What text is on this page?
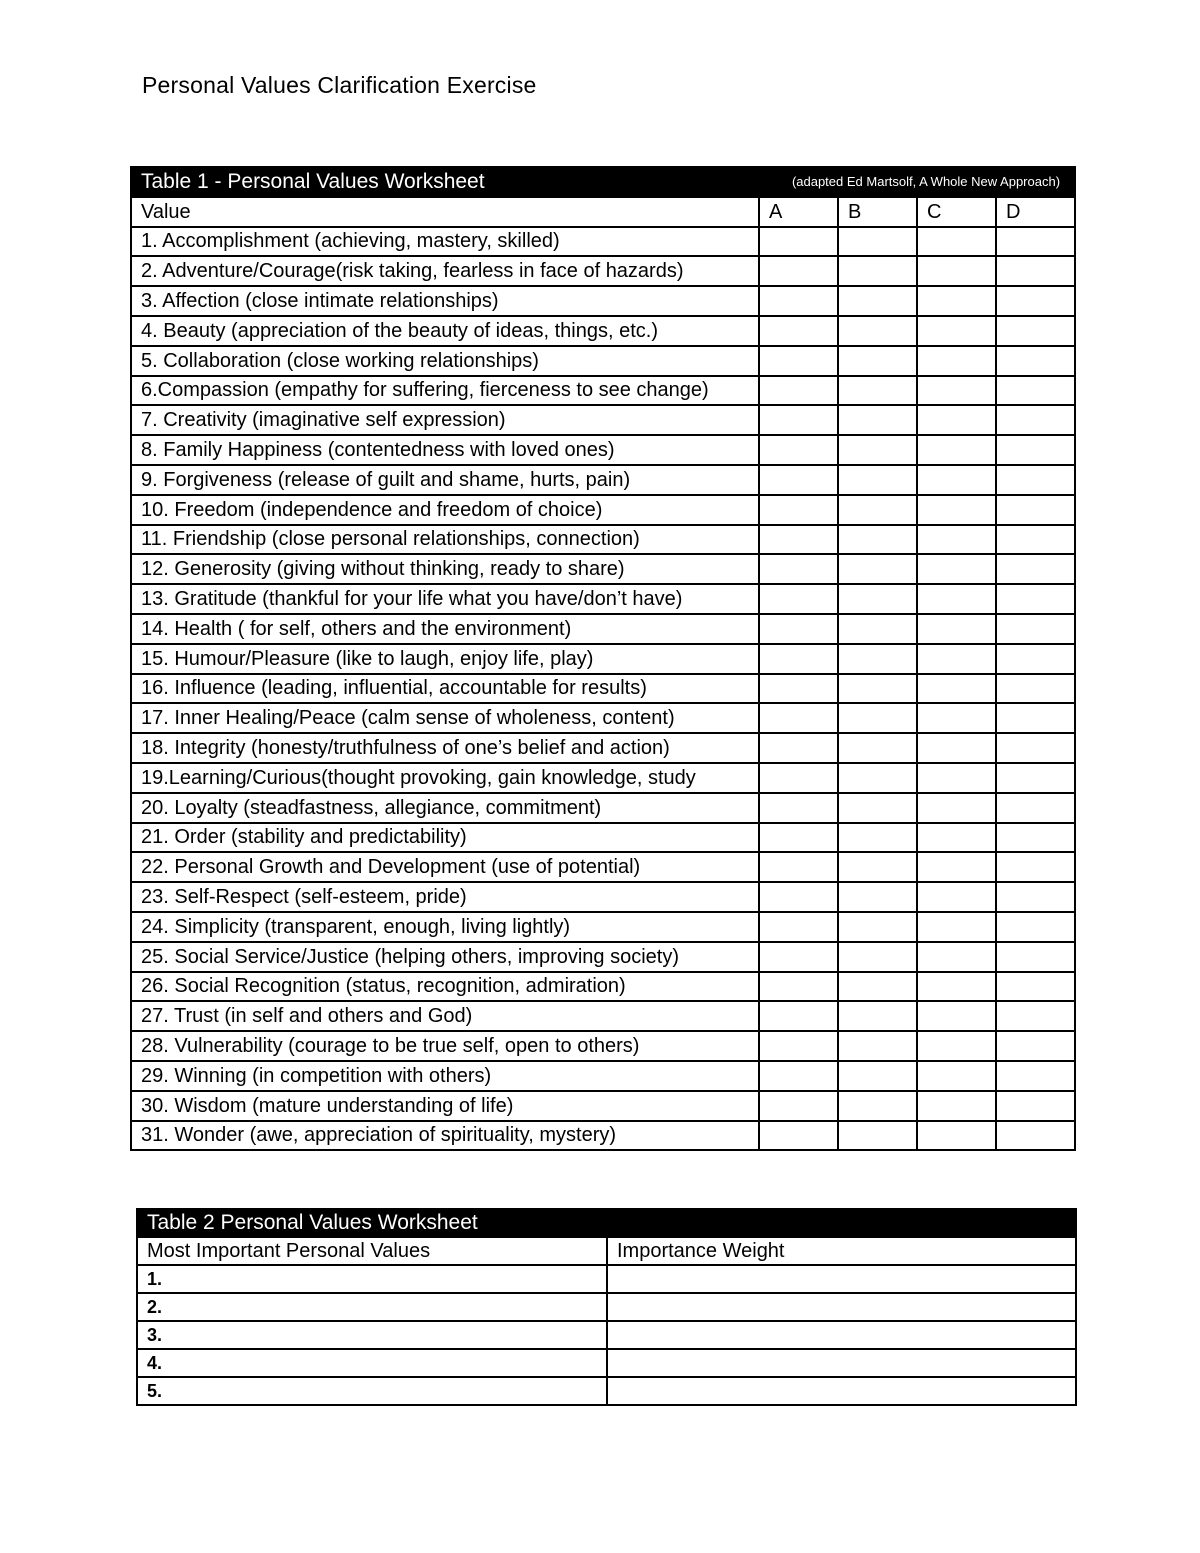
Personal Values Clarification Exercise
Table 1 - Personal Values Worksheet	(adapted Ed Martsolf, A Whole New Approach)			
Value	A	B	C	D
1. Accomplishment (achieving, mastery, skilled)				
2. Adventure/Courage(risk taking, fearless in face of hazards)				
3. Affection (close intimate relationships)				
4. Beauty (appreciation of the beauty of ideas, things, etc.)				
5. Collaboration (close working relationships)				
6.Compassion (empathy for suffering, fierceness to see change)				
7. Creativity (imaginative self expression)				
8. Family Happiness (contentedness with loved ones)				
9. Forgiveness (release of guilt and shame, hurts, pain)				
10. Freedom (independence and freedom of choice)				
11. Friendship (close personal relationships, connection)				
12. Generosity (giving without thinking, ready to share)				
13. Gratitude (thankful for your life what you have/don’t have)				
14. Health ( for self, others and the environment)				
15. Humour/Pleasure (like to laugh, enjoy life, play)				
16. Influence (leading, influential, accountable for results)				
17. Inner Healing/Peace (calm sense of wholeness, content)				
18. Integrity (honesty/truthfulness of one’s belief and action)				
19.Learning/Curious(thought provoking, gain knowledge, study				
20. Loyalty (steadfastness, allegiance, commitment)				
21. Order (stability and predictability)				
22. Personal Growth and Development (use of potential)				
23. Self-Respect (self-esteem, pride)				
24. Simplicity (transparent, enough, living lightly)				
25. Social Service/Justice (helping others, improving society)				
26. Social Recognition (status, recognition, admiration)				
27. Trust (in self and others and God)				
28. Vulnerability (courage to be true self, open to others)				
29. Winning (in competition with others)				
30. Wisdom (mature understanding of life)				
31. Wonder (awe, appreciation of spirituality, mystery)				
Table 2 Personal Values Worksheet	
Most Important Personal Values	Importance Weight
1.	
2.	
3.	
4.	
5.	
